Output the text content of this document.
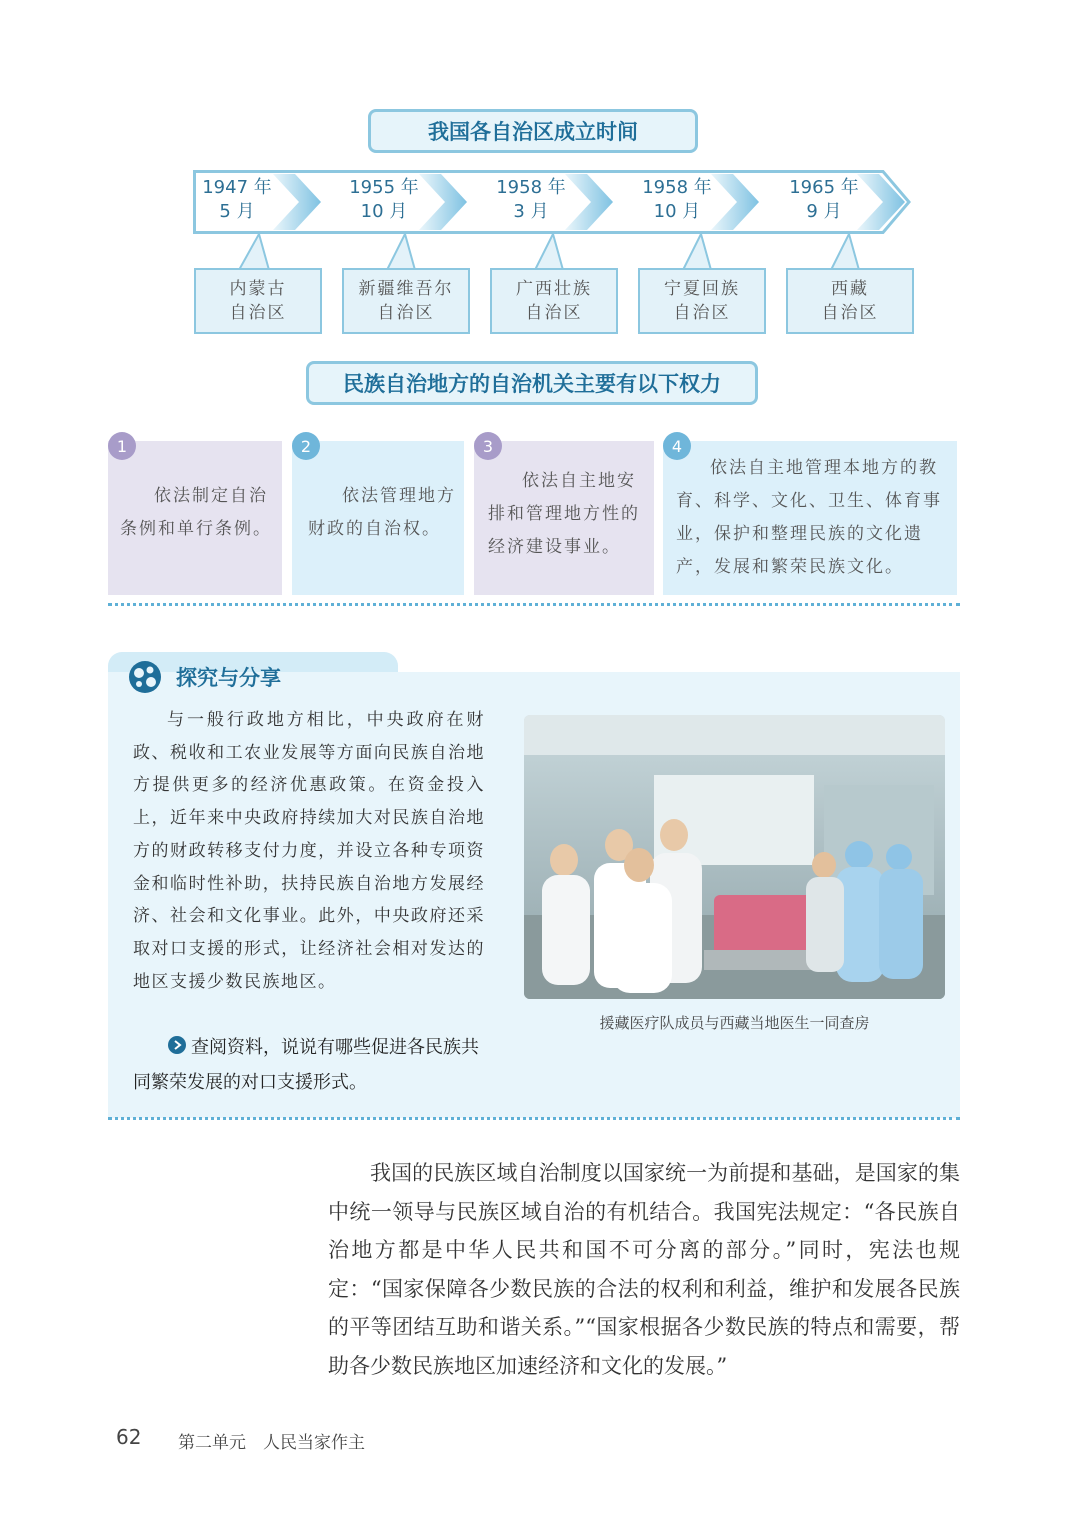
我国各自治区成立时间
1947 年
5 月
1955 年
10 月
1958 年
3 月
1958 年
10 月
1965 年
9 月
内蒙古
自治区
新疆维吾尔
自治区
广西壮族
自治区
宁夏回族
自治区
西藏
自治区
民族自治地方的自治机关主要有以下权力
1
依法制定自治条例和单行条例。
2
依法管理地方财政的自治权。
3
依法自主地安排和管理地方性的经济建设事业。
4
依法自主地管理本地方的教育、科学、文化、卫生、体育事业，保护和整理民族的文化遗产，发展和繁荣民族文化。
探究与分享

与一般行政地方相比，中央政府在财政、税收和工农业发展等方面向民族自治地方提供更多的经济优惠政策。在资金投入上，近年来中央政府持续加大对民族自治地方的财政转移支付力度，并设立各种专项资金和临时性补助，扶持民族自治地方发展经济、社会和文化事业。此外，中央政府还采取对口支援的形式，让经济社会相对发达的地区支援少数民族地区。

援藏医疗队成员与西藏当地医生一同查房
查阅资料，说说有哪些促进各民族共同繁荣发展的对口支援形式。

我国的民族区域自治制度以国家统一为前提和基础，是国家的集中统一领导与民族区域自治的有机结合。我国宪法规定：“各民族自治地方都是中华人民共和国不可分离的部分。”同时，宪法也规定：“国家保障各少数民族的合法的权利和利益，维护和发展各民族的平等团结互助和谐关系。”“国家根据各少数民族的特点和需要，帮助各少数民族地区加速经济和文化的发展。”

62 第二单元　人民当家作主
